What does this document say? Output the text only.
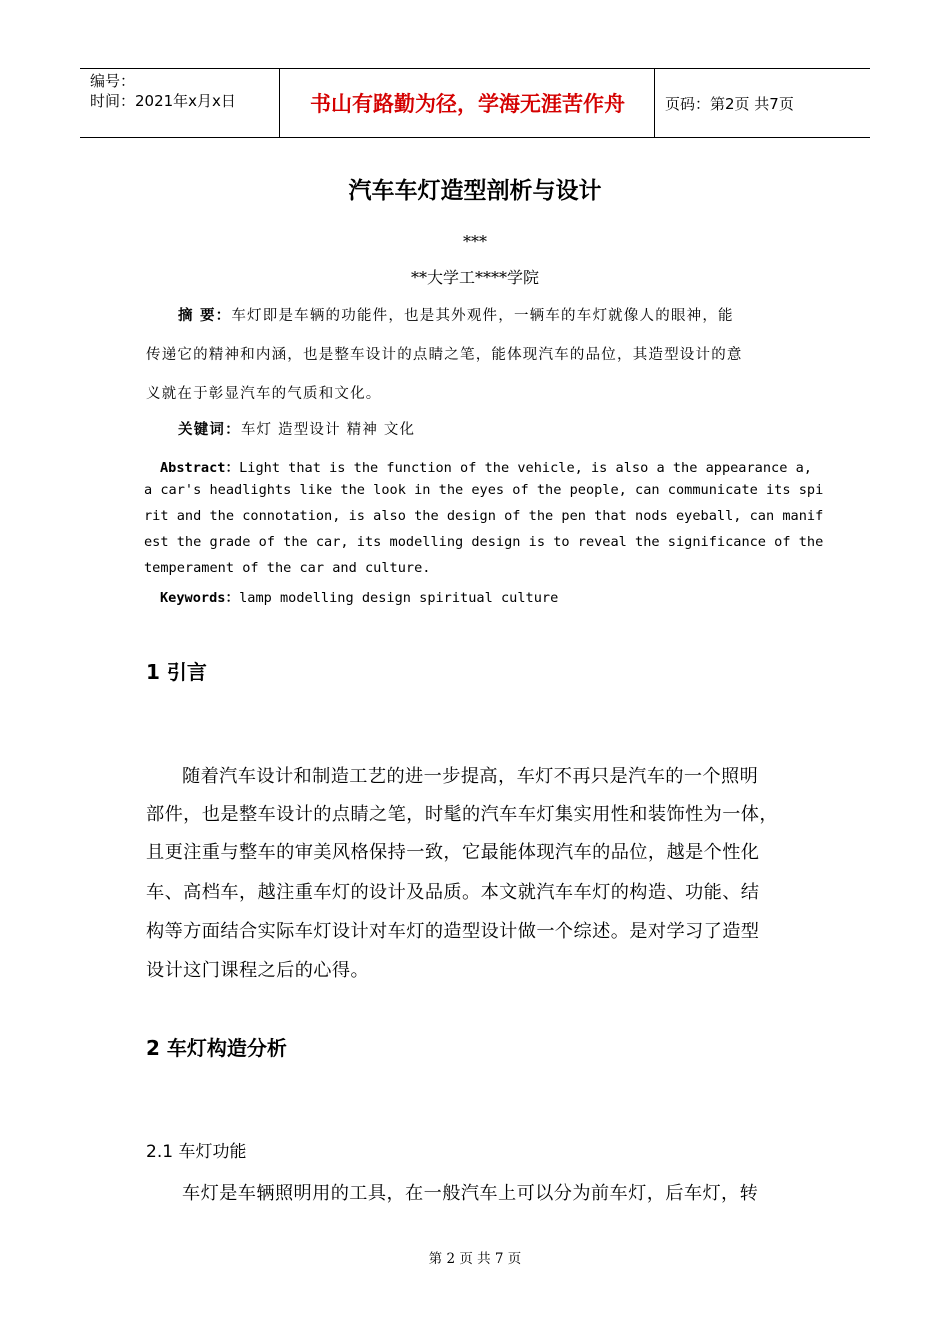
编号：
时间：2021年x月x日	书山有路勤为径，学海无涯苦作舟	页码：第2页 共7页
汽车车灯造型剖析与设计
***
**大学工****学院
摘 要：车灯即是车辆的功能件，也是其外观件，一辆车的车灯就像人的眼神，能
传递它的精神和内涵，也是整车设计的点睛之笔，能体现汽车的品位，其造型设计的意
义就在于彰显汽车的气质和文化。
关键词：车灯 造型设计 精神 文化
Abstract：Light that is the function of the vehicle, is also a the appearance a,
a car's headlights like the look in the eyes of the people, can communicate its spi
rit and the connotation, is also the design of the pen that nods eyeball, can manif
est the grade of the car, its modelling design is to reveal the significance of the
temperament of the car and culture.
Keywords：lamp modelling design spiritual culture
1 引言
随着汽车设计和制造工艺的进一步提高，车灯不再只是汽车的一个照明
部件，也是整车设计的点睛之笔，时髦的汽车车灯集实用性和装饰性为一体，
且更注重与整车的审美风格保持一致，它最能体现汽车的品位，越是个性化
车、高档车，越注重车灯的设计及品质。本文就汽车车灯的构造、功能、结
构等方面结合实际车灯设计对车灯的造型设计做一个综述。是对学习了造型
设计这门课程之后的心得。
2 车灯构造分析
2.1 车灯功能
车灯是车辆照明用的工具，在一般汽车上可以分为前车灯，后车灯，转
第 2 页 共 7 页
